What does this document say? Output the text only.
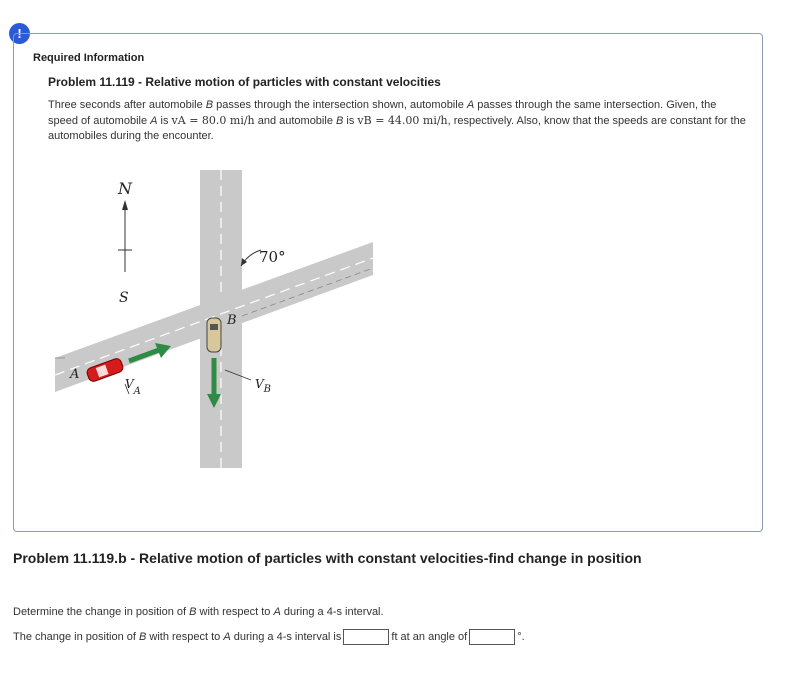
!
Required Information
Problem 11.119 - Relative motion of particles with constant velocities
Three seconds after automobile B passes through the intersection shown, automobile A passes through the same intersection. Given, the speed of automobile A is vA = 80.0 mi/h and automobile B is vB = 44.00 mi/h, respectively. Also, know that the speeds are constant for the automobiles during the encounter.
N
S
70°
B
$V_B$
A
$V_A$
Problem 11.119.b - Relative motion of particles with constant velocities-find change in position
Determine the change in position of B with respect to A during a 4-s interval.
The change in position of B with respect to A during a 4-s interval is	ft at an angle of	°.
